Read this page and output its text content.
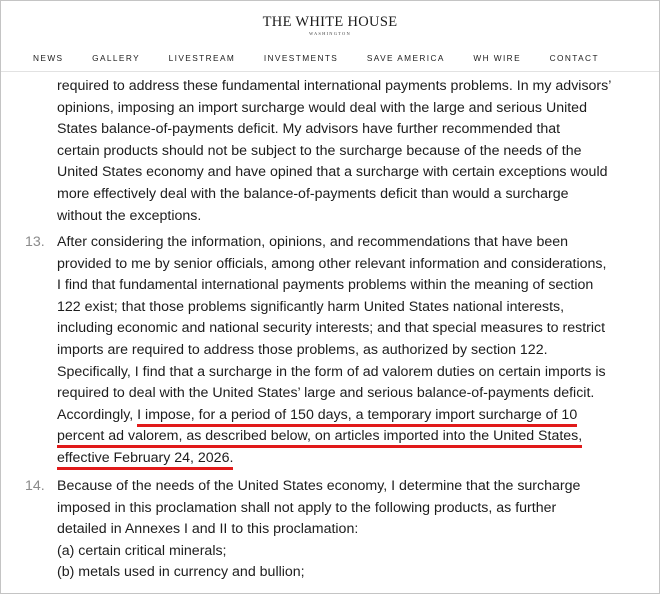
THE WHITE HOUSE
WASHINGTON
NEWS	GALLERY	LIVESTREAM	INVESTMENTS	SAVE AMERICA	WH WIRE	CONTACT
required to address these fundamental international payments problems. In my advisors’
opinions, imposing an import surcharge would deal with the large and serious United
States balance-of-payments deficit. My advisors have further recommended that
certain products should not be subject to the surcharge because of the needs of the
United States economy and have opined that a surcharge with certain exceptions would
more effectively deal with the balance-of-payments deficit than would a surcharge
without the exceptions.
13. After considering the information, opinions, and recommendations that have been
provided to me by senior officials, among other relevant information and considerations,
I find that fundamental international payments problems within the meaning of section
122 exist; that those problems significantly harm United States national interests,
including economic and national security interests; and that special measures to restrict
imports are required to address those problems, as authorized by section 122.
Specifically, I find that a surcharge in the form of ad valorem duties on certain imports is
required to deal with the United States’ large and serious balance-of-payments deficit.
Accordingly, I impose, for a period of 150 days, a temporary import surcharge of 10
percent ad valorem, as described below, on articles imported into the United States,
effective February 24, 2026.
14. Because of the needs of the United States economy, I determine that the surcharge
imposed in this proclamation shall not apply to the following products, as further
detailed in Annexes I and II to this proclamation:
(a) certain critical minerals;
(b) metals used in currency and bullion;
